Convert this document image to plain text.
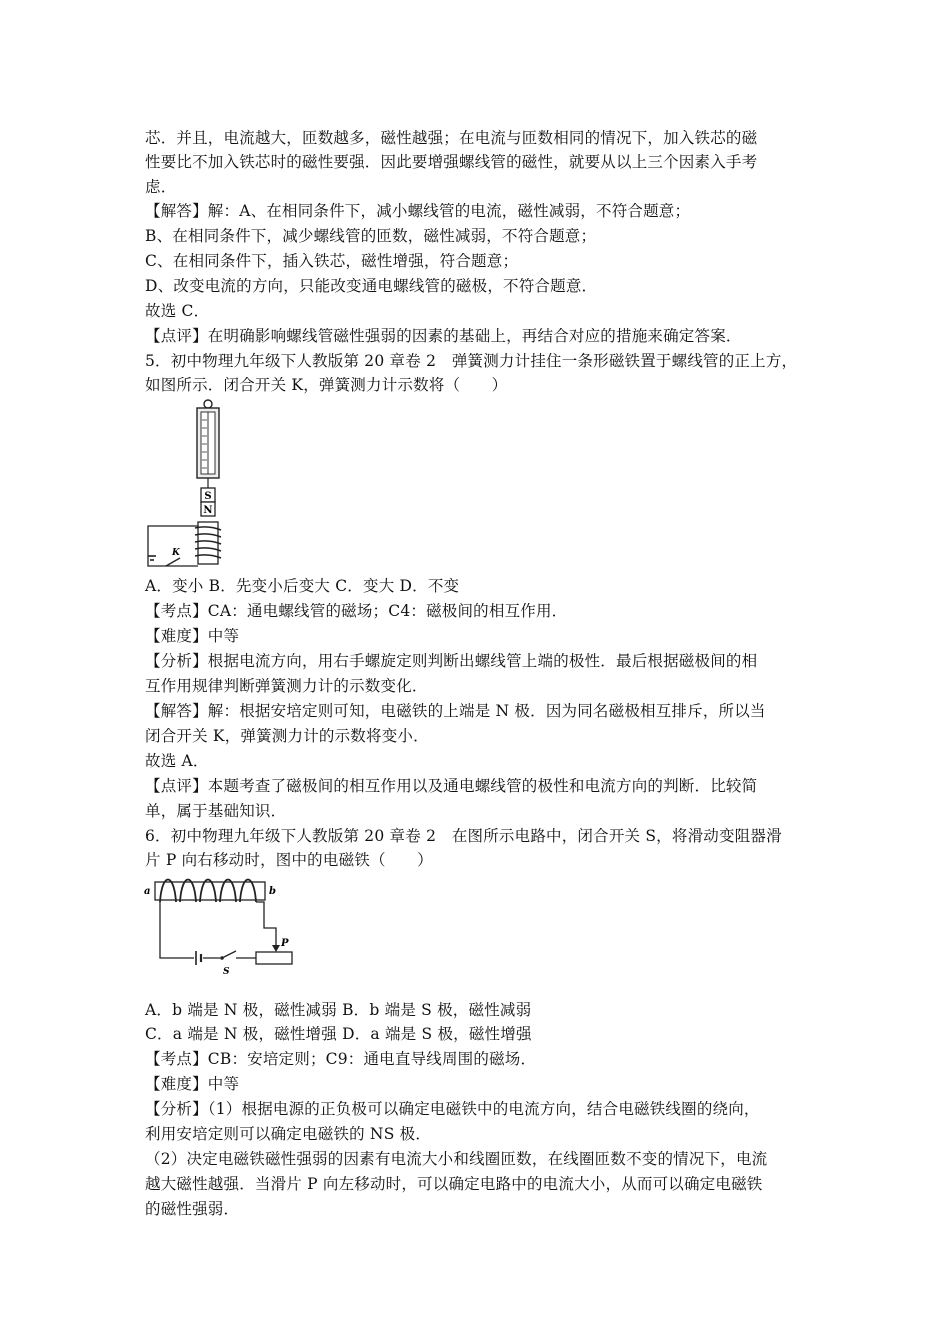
芯．并且，电流越大，匝数越多，磁性越强；在电流与匝数相同的情况下，加入铁芯的磁
性要比不加入铁芯时的磁性要强．因此要增强螺线管的磁性，就要从以上三个因素入手考
虑．
【解答】解：A、在相同条件下，减小螺线管的电流，磁性减弱，不符合题意；
B、在相同条件下，减少螺线管的匝数，磁性减弱，不符合题意；
C、在相同条件下，插入铁芯，磁性增强，符合题意；
D、改变电流的方向，只能改变通电螺线管的磁极，不符合题意．
故选 C．
【点评】在明确影响螺线管磁性强弱的因素的基础上，再结合对应的措施来确定答案．
5．初中物理九年级下人教版第 20 章卷 2　弹簧测力计挂住一条形磁铁置于螺线管的正上方，
如图所示．闭合开关 K，弹簧测力计示数将（　　）
S
N
K
A．变小 B．先变小后变大 C．变大 D．不变
【考点】CA：通电螺线管的磁场；C4：磁极间的相互作用．
【难度】中等
【分析】根据电流方向，用右手螺旋定则判断出螺线管上端的极性．最后根据磁极间的相
互作用规律判断弹簧测力计的示数变化．
【解答】解：根据安培定则可知，电磁铁的上端是 N 极．因为同名磁极相互排斥，所以当
闭合开关 K，弹簧测力计的示数将变小．
故选 A．
【点评】本题考查了磁极间的相互作用以及通电螺线管的极性和电流方向的判断．比较简
单，属于基础知识．
6．初中物理九年级下人教版第 20 章卷 2　在图所示电路中，闭合开关 S，将滑动变阻器滑
片 P 向右移动时，图中的电磁铁（　　）
a	b
S
P
A．b 端是 N 极，磁性减弱 B．b 端是 S 极，磁性减弱
C．a 端是 N 极，磁性增强 D．a 端是 S 极，磁性增强
【考点】CB：安培定则；C9：通电直导线周围的磁场．
【难度】中等
【分析】（1）根据电源的正负极可以确定电磁铁中的电流方向，结合电磁铁线圈的绕向，
利用安培定则可以确定电磁铁的 NS 极．
（2）决定电磁铁磁性强弱的因素有电流大小和线圈匝数，在线圈匝数不变的情况下，电流
越大磁性越强．当滑片 P 向左移动时，可以确定电路中的电流大小，从而可以确定电磁铁
的磁性强弱．
